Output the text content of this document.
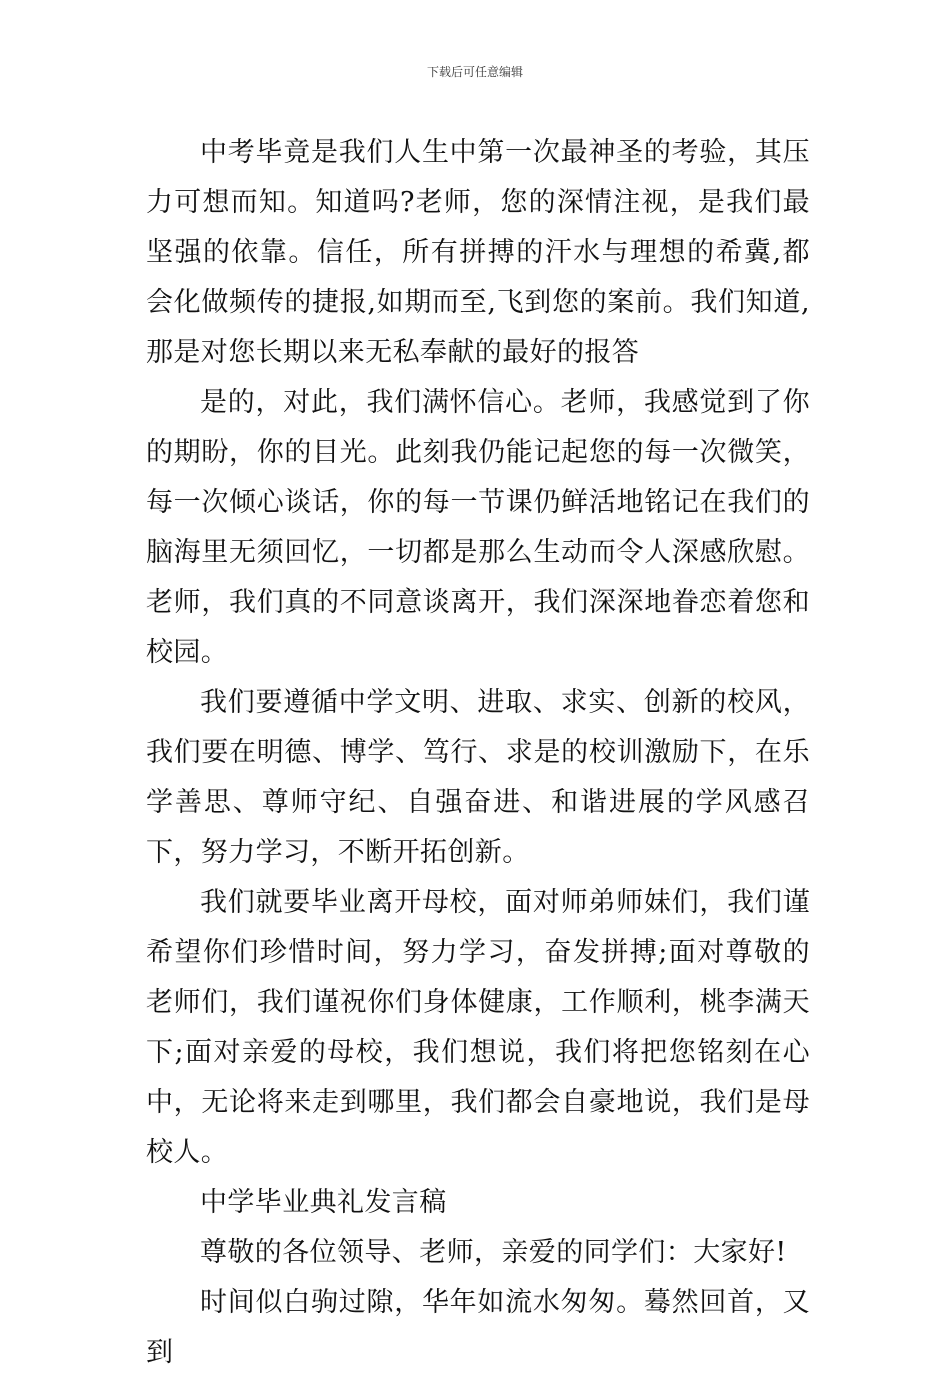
下载后可任意编辑

中考毕竟是我们人生中第一次最神圣的考验，其压力可想而知。知道吗?老师，您的深情注视，是我们最坚强的依靠。信任，所有拼搏的汗水与理想的希冀,都会化做频传的捷报,如期而至,飞到您的案前。我们知道,那是对您长期以来无私奉献的最好的报答

是的，对此，我们满怀信心。老师，我感觉到了你的期盼，你的目光。此刻我仍能记起您的每一次微笑，每一次倾心谈话，你的每一节课仍鲜活地铭记在我们的脑海里无须回忆，一切都是那么生动而令人深感欣慰。老师，我们真的不同意谈离开，我们深深地眷恋着您和校园。

我们要遵循中学文明、进取、求实、创新的校风，我们要在明德、博学、笃行、求是的校训激励下，在乐学善思、尊师守纪、自强奋进、和谐进展的学风感召下，努力学习，不断开拓创新。

我们就要毕业离开母校，面对师弟师妹们，我们谨希望你们珍惜时间，努力学习，奋发拼搏;面对尊敬的老师们，我们谨祝你们身体健康，工作顺利，桃李满天下;面对亲爱的母校，我们想说，我们将把您铭刻在心中，无论将来走到哪里，我们都会自豪地说，我们是母校人。

中学毕业典礼发言稿

尊敬的各位领导、老师，亲爱的同学们：大家好!

时间似白驹过隙，华年如流水匆匆。蓦然回首，又到
